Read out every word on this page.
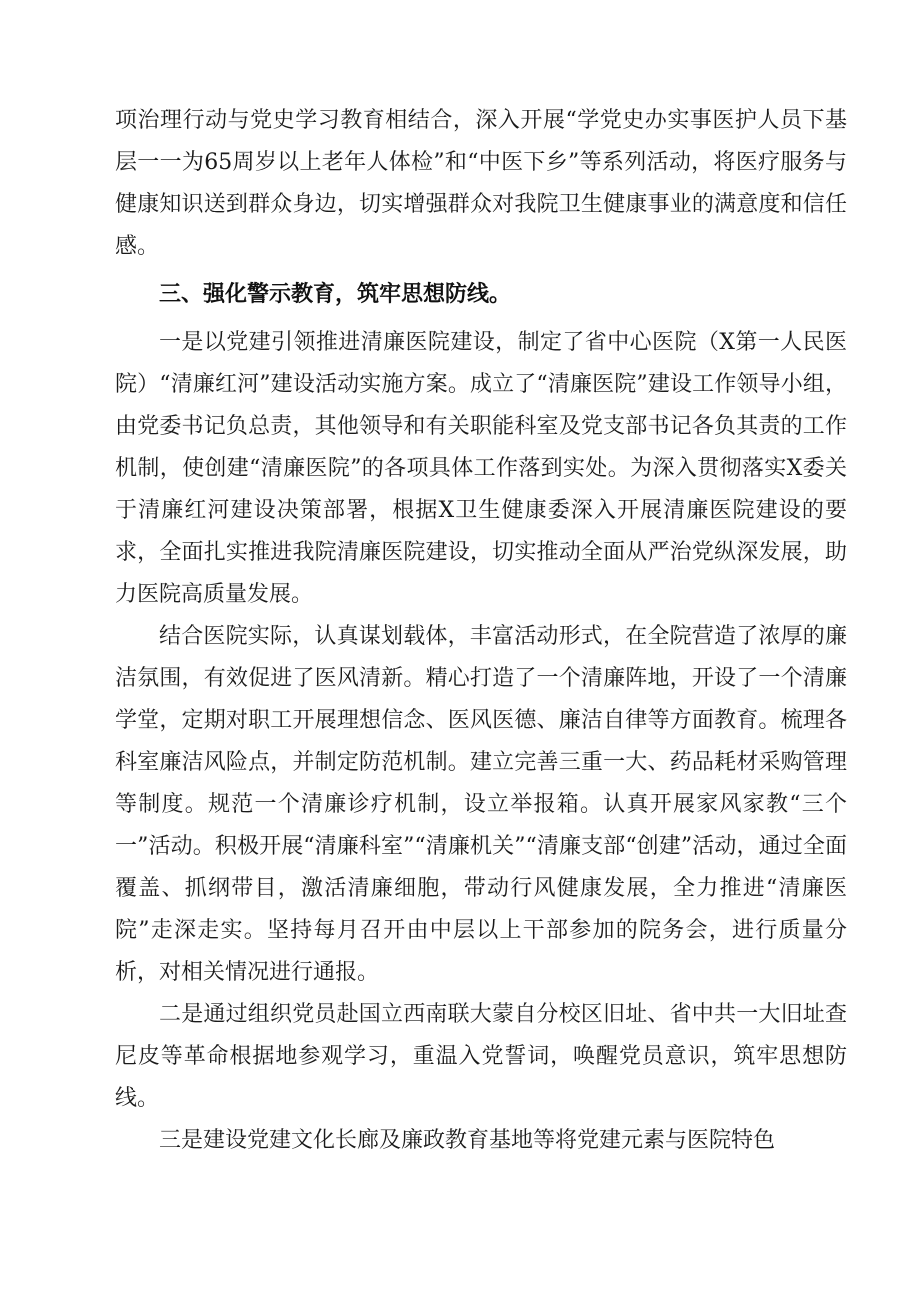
项治理行动与党史学习教育相结合，深入开展“学党史办实事医护人员下基层一一为65周岁以上老年人体检”和“中医下乡”等系列活动，将医疗服务与健康知识送到群众身边，切实增强群众对我院卫生健康事业的满意度和信任感。

三、强化警示教育，筑牢思想防线。

一是以党建引领推进清廉医院建设，制定了省中心医院（X第一人民医院）“清廉红河”建设活动实施方案。成立了“清廉医院”建设工作领导小组，由党委书记负总责，其他领导和有关职能科室及党支部书记各负其责的工作机制，使创建“清廉医院”的各项具体工作落到实处。为深入贯彻落实X委关于清廉红河建设决策部署，根据X卫生健康委深入开展清廉医院建设的要求，全面扎实推进我院清廉医院建设，切实推动全面从严治党纵深发展，助力医院高质量发展。

结合医院实际，认真谋划载体，丰富活动形式，在全院营造了浓厚的廉洁氛围，有效促进了医风清新。精心打造了一个清廉阵地，开设了一个清廉学堂，定期对职工开展理想信念、医风医德、廉洁自律等方面教育。梳理各科室廉洁风险点，并制定防范机制。建立完善三重一大、药品耗材采购管理等制度。规范一个清廉诊疗机制，设立举报箱。认真开展家风家教“三个一”活动。积极开展“清廉科室”“清廉机关”“清廉支部“创建”活动，通过全面覆盖、抓纲带目，激活清廉细胞，带动行风健康发展，全力推进“清廉医院”走深走实。坚持每月召开由中层以上干部参加的院务会，进行质量分析，对相关情况进行通报。

二是通过组织党员赴国立西南联大蒙自分校区旧址、省中共一大旧址查尼皮等革命根据地参观学习，重温入党誓词，唤醒党员意识，筑牢思想防线。

三是建设党建文化长廊及廉政教育基地等将党建元素与医院特色
